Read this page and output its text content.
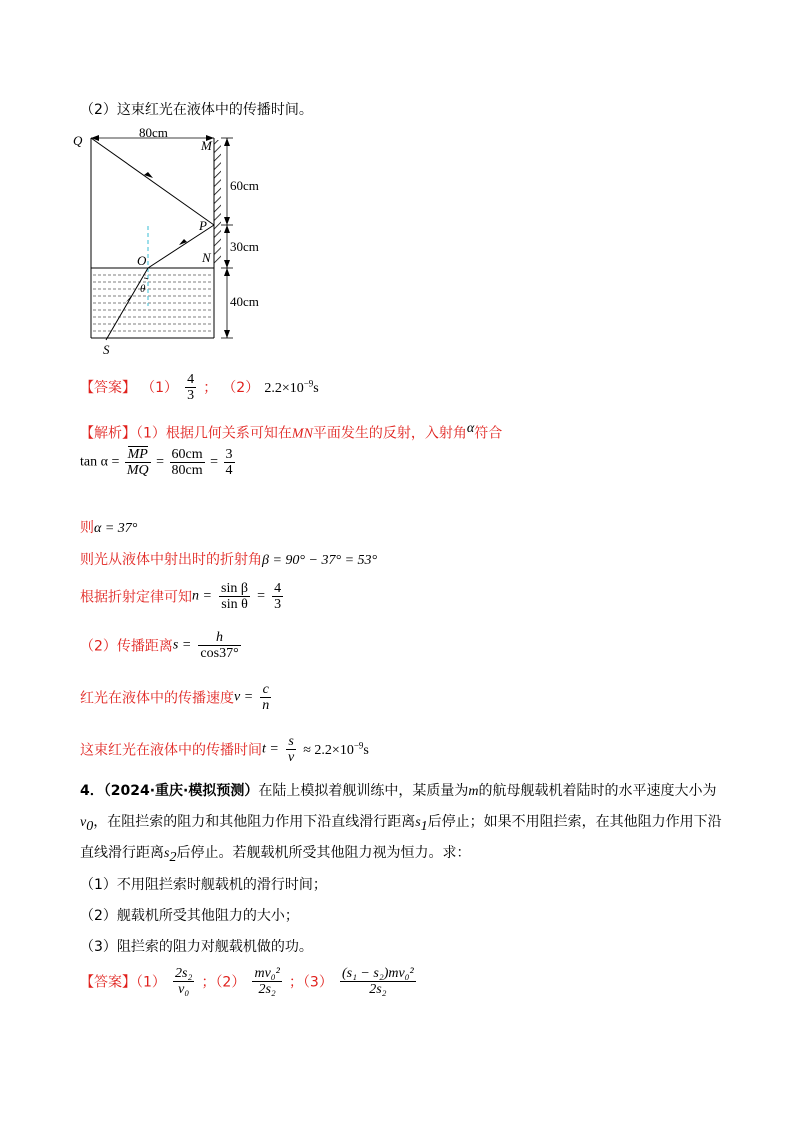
（2）这束红光在液体中的传播时间。
Q	M
P
N
O
S
θ
80cm
60cm
30cm
40cm
【答案】 $(1) \frac{4}{3}$ ； （2） $2.2\times 10^{-9}s$
【解析】（1）根据几何关系可知在MN平面发生的反射，入射角$^\alpha$符合
$\tan \alpha = \frac{MP}{MQ} = \frac{60cm}{80cm} = \frac{3}{4}$
则α = 37°
则光从液体中射出时的折射角β = 90° − 37° = 53°
根据折射定律可知$n = \frac{\text{sin β}}{\text{sin θ}} = \frac{4}{3}$
（2）传播距离$s = \frac{h}{\cos 37^\circ}$
红光在液体中的传播速度$v = \frac{c}{n}$
这束红光在液体中的传播时间$t = \frac{s}{v} \approx 2.2\times 10^{-9}s$
4．（2024·重庆·模拟预测）在陆上模拟着舰训练中，某质量为m的航母舰载机着陆时的水平速度大小为
$v_0$，在阻拦索的阻力和其他阻力作用下沿直线滑行距离$s_1$后停止；如果不用阻拦索，在其他阻力作用下沿
直线滑行距离$s_2$后停止。若舰载机所受其他阻力视为恒力。求：
（1）不用阻拦索时舰载机的滑行时间；
（2）舰载机所受其他阻力的大小；
（3）阻拦索的阻力对舰载机做的功。
【答案】$(1) \frac{\text{2s₂}}{\text{v₀}}$ ；$(2) \frac{\text{mv₀²}}{\text{2s₂}}$ ；$(3) \frac{\text{(s₁ − s₂)mv₀²}}{\text{2s₂}}$
